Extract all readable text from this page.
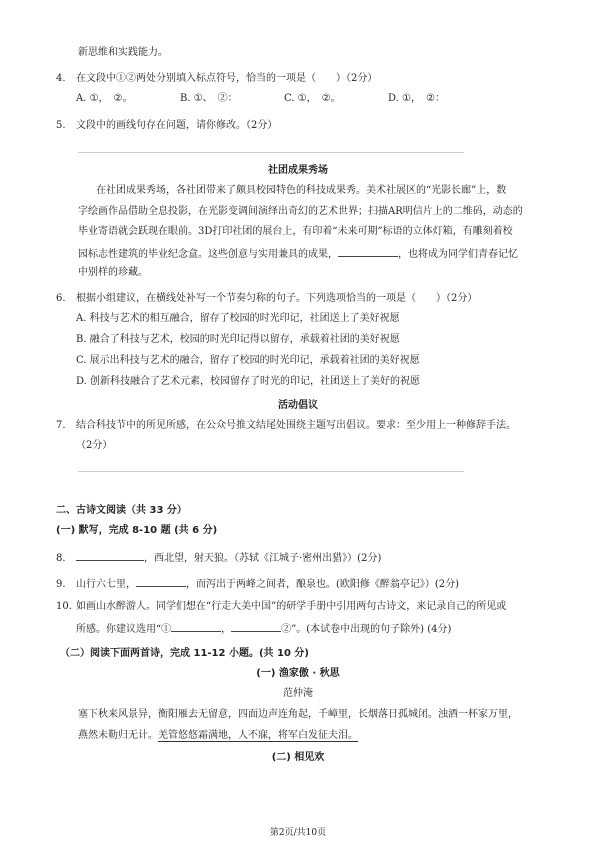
新思维和实践能力。
4. 在文段中①②两处分别填入标点符号，恰当的一项是（　　）（2分）
A. ①，　②。	B. ①、　②：	C. ①，　②。	D. ①，　②：
5. 文段中的画线句存在问题，请你修改。（2分）
社团成果秀场
在社团成果秀场，各社团带来了颇具校园特色的科技成果秀。美术社展区的“光影长廊”上，数
字绘画作品借助全息投影，在光影变调间演绎出奇幻的艺术世界；扫描AR明信片上的二维码，动态的
毕业寄语就会跃现在眼前。3D打印社团的展台上，有印着“未来可期”标语的立体灯箱，有雕刻着校
园标志性建筑的毕业纪念盒。这些创意与实用兼具的成果，	，也将成为同学们青春记忆
中别样的珍藏。
6. 根据小组建议，在横线处补写一个节奏匀称的句子。下列选项恰当的一项是（　　）（2分）
A. 科技与艺术的相互融合，留存了校园的时光印记，社团送上了美好祝愿
B. 融合了科技与艺术，校园的时光印记得以留存，承载着社团的美好祝愿
C. 展示出科技与艺术的融合，留存了校园的时光印记，承载着社团的美好祝愿
D. 创新科技融合了艺术元素，校园留存了时光的印记，社团送上了美好的祝愿
活动倡议
7. 结合科技节中的所见所感，在公众号推文结尾处围绕主题写出倡议。要求：至少用上一种修辞手法。
（2分）
二、古诗文阅读（共 33 分）
(一) 默写，完成 8-10 题 (共 6 分)
8.	，西北望，射天狼。（苏轼《江城子·密州出猎》）(2分)
9. 山行六七里，	，而泻出于两峰之间者，酿泉也。(欧阳修《醉翁亭记》）(2分)
10. 如画山水醉游人。同学们想在“行走大美中国”的研学手册中引用两句古诗文，来记录自己的所见或
所感。你建议选用“①	，	②”。(本试卷中出现的句子除外) (4分)
（二）阅读下面两首诗，完成 11-12 小题。(共 10 分)
(一) 渔家傲 · 秋思
范仲淹
塞下秋来风景异，衡阳雁去无留意，四面边声连角起，千嶂里，长烟落日孤城闭。浊酒一杯家万里，
燕然未勒归无计。羌管悠悠霜满地，人不寐，将军白发征夫泪。
(二) 相见欢
第2页/共10页
